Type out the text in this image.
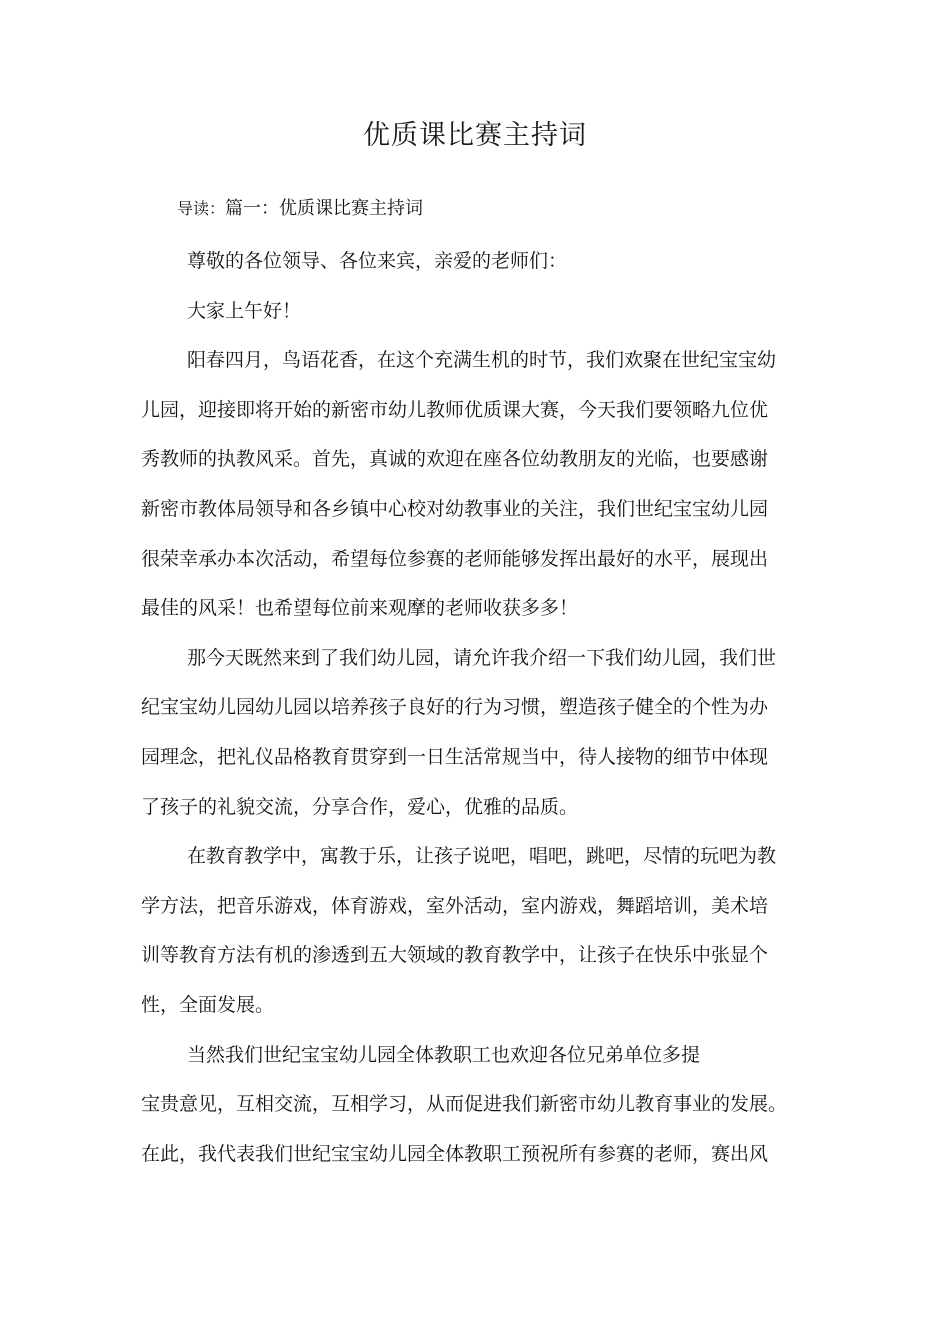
优质课比赛主持词
导读：篇一：优质课比赛主持词
尊敬的各位领导、各位来宾，亲爱的老师们：
大家上午好！
阳春四月，鸟语花香，在这个充满生机的时节，我们欢聚在世纪宝宝幼
儿园，迎接即将开始的新密市幼儿教师优质课大赛，今天我们要领略九位优
秀教师的执教风采。首先，真诚的欢迎在座各位幼教朋友的光临，也要感谢
新密市教体局领导和各乡镇中心校对幼教事业的关注，我们世纪宝宝幼儿园
很荣幸承办本次活动，希望每位参赛的老师能够发挥出最好的水平，展现出
最佳的风采！也希望每位前来观摩的老师收获多多！
那今天既然来到了我们幼儿园，请允许我介绍一下我们幼儿园，我们世
纪宝宝幼儿园幼儿园以培养孩子良好的行为习惯，塑造孩子健全的个性为办
园理念，把礼仪品格教育贯穿到一日生活常规当中，待人接物的细节中体现
了孩子的礼貌交流，分享合作，爱心，优雅的品质。
在教育教学中，寓教于乐，让孩子说吧，唱吧，跳吧，尽情的玩吧为教
学方法，把音乐游戏，体育游戏，室外活动，室内游戏，舞蹈培训，美术培
训等教育方法有机的渗透到五大领域的教育教学中，让孩子在快乐中张显个
性，全面发展。
当然我们世纪宝宝幼儿园全体教职工也欢迎各位兄弟单位多提
宝贵意见，互相交流，互相学习，从而促进我们新密市幼儿教育事业的发展。
在此，我代表我们世纪宝宝幼儿园全体教职工预祝所有参赛的老师，赛出风
